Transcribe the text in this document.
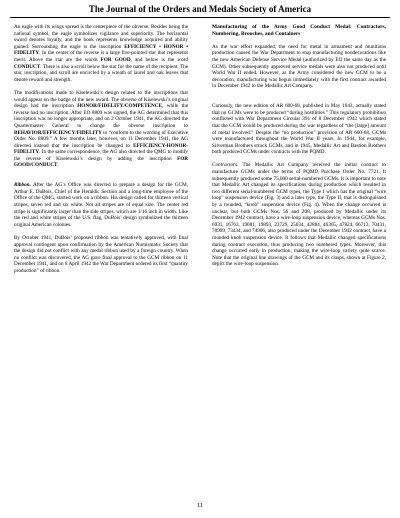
The Journal of the Orders and Medals Society of America

An eagle with its wings spread is the centerpiece of the obverse. Besides being the national symbol, the eagle symbolizes vigilance and superiority. The horizontal sword denotes loyalty, and the book represents knowledge acquired and ability gained. Surrounding the eagle is the inscription EFFICIENCY • HONOR • FIDELITY. In the center of the reverse is a large five-pointed star that represents merit. Above the star are the words FOR GOOD, and below is the word CONDUCT. There is also a scroll below the star for the name of the recipient. The star, inscription, and scroll are encircled by a wreath of laurel and oak leaves that denote reward and strength.

The modifications made to Kiselewski’s design related to the inscriptions that would appear on the badge of the new award. The obverse of Kiselewski’s original design had the inscription HONOR/FIDELITY/COMPETENCE, while the reverse had no inscription. After EO 8809 was signed, the AG determined that this inscription was no longer appropriate, and on 2 October 1941, the AG directed the Quartermaster General to change the obverse inscription to BEHAVIOR/EFFICIENCY/FIDELITY to “conform to the wording of Executive Order No. 8809.” A few months later, however, on 11 December 1941, the AG directed instead that the inscription be changed to EFFICIENCY-HONOR-FIDELITY. In the same correspondence, the AG also directed the QMG to modify the reverse of Kiselewski’s design by adding the inscription FOR GOOD/CONDUCT.

Ribbon. After the AG’s Office was directed to prepare a design for the GCM, Arthur E. DuBois, Chief of the Heraldic Section and a long-time employee of the Office of the QMG, started work on a ribbon. His design called for thirteen vertical stripes, seven red and six white. Not all stripes are of equal size. The center red stripe is significantly larger than the side stripes, which are 1/16 inch in width. Like the red and white stripes of the U.S. flag, DuBois’ design symbolized the thirteen original American colonies.

By October 1941, DuBois’ proposed ribbon was tentatively approved, with final approval contingent upon confirmation by the American Numismatic Society that the design did not conflict with any medal ribbon used by a foreign country. When no conflict was discovered, the AG gave final approval to the GCM ribbon on 11 December 1941, and on 8 April 1942 the War Department ordered its first “quantity production” of ribbon.

Manufacturing of the Army Good Conduct Medal: Contractors, Numbering, Brooches, and Containers

As the war effort expanded, the need for metal in armament and munitions production caused the War Department to stop manufacturing nondecorations like the new American Defense Service Medal (authorized by EO the same day as the GCM). Other subsequently approved service medals were also not produced until World War II ended. However, as the Army considered the new GCM to be a decoration, manufacturing was begun immediately with the first contract awarded in December 1942 to the Medallic Art Company.

Curiously, the new edition of AR 600-68, published in May 1943, actually stated that no GCMs were to be produced “during hostilities.” This regulatory prohibition conflicted with War Department Circular 391 of 8 December 1942 which stated that the GCM would be produced during the war regardless of “the [large] amount of metal involved.” Despite the “no production” provision of AR 600-68, GCMs were manufactured throughout the World War II years. In 1944, for example, Silverman Brothers struck GCMs, and in 1945, Medallic Art and Bastion Brothers both produced GCMs under contracts with the PQMD.

Contractors. The Medallic Art Company received the initial contract to manufacture GCMs under the terms of PQMD Purchase Order No. 7721. It subsequently produced some 75,000 serial-numbered GCMs. It is important to note that Medallic Art changed its specifications during production which resulted in two different serial-numbered GCM types, the Type I which has the original “wire loop” suspension device (Fig. 3) and a later type, the Type II, that is distinguished by a rounded, “knob” suspension device (Fig. 4). When the change occurred is unclear, but both GCMs Nos. 56 and 208, produced by Medallic under its December 1942 contract, have a wire-loop suspension device, whereas GCMs Nos. 6931, 16763, 19081, 19893, 23729, 25034, 42884, 46365, 47824, 66713, 70431, 70999, 73434, and 74906, also produced under the December 1942 contract, have a rounded knob suspension device. It follows that Medallic changed specifications during contract execution, thus producing two numbered types. Moreover, this change occurred early in production, making the wire-loop variety quite scarce. Note that the original line drawings of the GCM and its clasps, shown at Figure 2, depict the wire-loop suspension.

11
